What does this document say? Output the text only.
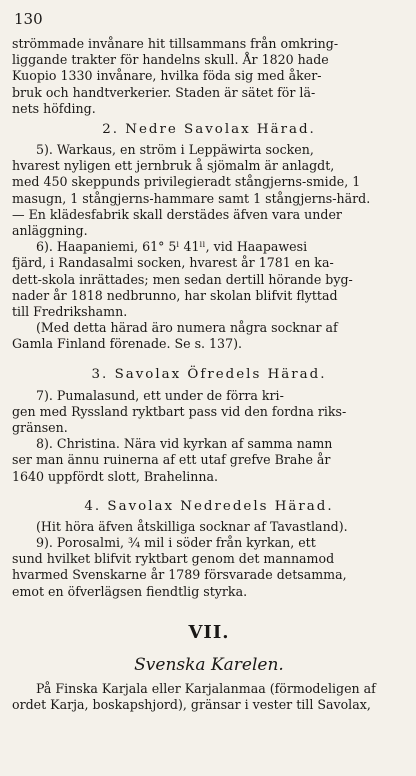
130
strömmade invånare hit tillsammans från omkring-
liggande trakter för handelns skull. År 1820 hade
Kuopio 1330 invånare, hvilka föda sig med åker-
bruk och handtverkerier. Staden är sätet för lä-
nets höfding.
2. Nedre Savolax Härad.
5). Warkaus, en ström i Leppäwirta socken,
hvarest nyligen ett jernbruk å sjömalm är anlagdt,
med 450 skeppunds privilegieradt stångjerns-smide, 1
masugn, 1 stångjerns-hammare samt 1 stångjerns-härd.
— En klädesfabrik skall derstädes äfven vara under
anläggning.
6). Haapaniemi, 61° 5ˡ 41ˡˡ, vid Haapawesi
fjärd, i Randasalmi socken, hvarest år 1781 en ka-
dett-skola inrättades; men sedan dertill hörande byg-
nader år 1818 nedbrunno, har skolan blifvit flyttad
till Fredrikshamn.
(Med detta härad äro numera några socknar af
Gamla Finland förenade. Se s. 137).
3. Savolax Öfredels Härad.
7). Pumalasund, ett under de förra kri-
gen med Ryssland ryktbart pass vid den fordna riks-
gränsen.
8). Christina. Nära vid kyrkan af samma namn
ser man ännu ruinerna af ett utaf grefve Brahe år
1640 uppfördt slott, Brahelinna.
4. Savolax Nedredels Härad.
(Hit höra äfven åtskilliga socknar af Tavastland).
9). Porosalmi, ¾ mil i söder från kyrkan, ett
sund hvilket blifvit ryktbart genom det mannamod
hvarmed Svenskarne år 1789 försvarade detsamma,
emot en öfverlägsen fiendtlig styrka.
VII.
Svenska Karelen.
På Finska Karjala eller Karjalanmaa (förmodeligen af
ordet Karja, boskapshjord), gränsar i vester till Savolax,
